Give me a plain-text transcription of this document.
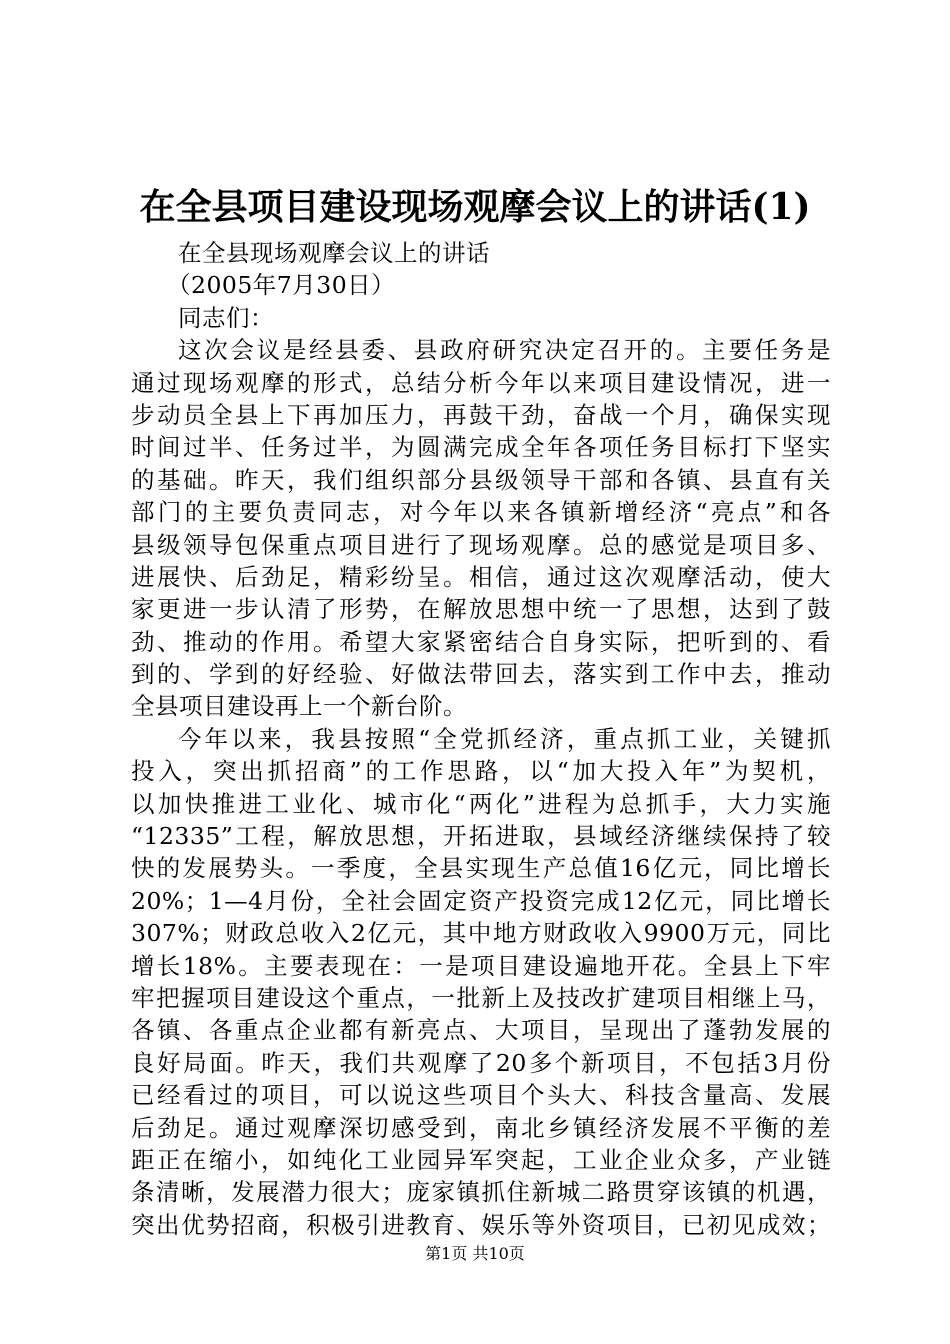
在全县项目建设现场观摩会议上的讲话(1)
在全县现场观摩会议上的讲话
（2005年7月30日）
同志们：
这次会议是经县委、县政府研究决定召开的。主要任务是
通过现场观摩的形式，总结分析今年以来项目建设情况，进一
步动员全县上下再加压力，再鼓干劲，奋战一个月，确保实现
时间过半、任务过半，为圆满完成全年各项任务目标打下坚实
的基础。昨天，我们组织部分县级领导干部和各镇、县直有关
部门的主要负责同志，对今年以来各镇新增经济“亮点”和各
县级领导包保重点项目进行了现场观摩。总的感觉是项目多、
进展快、后劲足，精彩纷呈。相信，通过这次观摩活动，使大
家更进一步认清了形势，在解放思想中统一了思想，达到了鼓
劲、推动的作用。希望大家紧密结合自身实际，把听到的、看
到的、学到的好经验、好做法带回去，落实到工作中去，推动
全县项目建设再上一个新台阶。
今年以来，我县按照“全党抓经济，重点抓工业，关键抓
投入，突出抓招商”的工作思路，以“加大投入年”为契机，
以加快推进工业化、城市化“两化”进程为总抓手，大力实施
“12335”工程，解放思想，开拓进取，县域经济继续保持了较
快的发展势头。一季度，全县实现生产总值16亿元，同比增长
20%；1—4月份，全社会固定资产投资完成12亿元，同比增长
307%；财政总收入2亿元，其中地方财政收入9900万元，同比
增长18%。主要表现在：一是项目建设遍地开花。全县上下牢
牢把握项目建设这个重点，一批新上及技改扩建项目相继上马，
各镇、各重点企业都有新亮点、大项目，呈现出了蓬勃发展的
良好局面。昨天，我们共观摩了20多个新项目，不包括3月份
已经看过的项目，可以说这些项目个头大、科技含量高、发展
后劲足。通过观摩深切感受到，南北乡镇经济发展不平衡的差
距正在缩小，如纯化工业园异军突起，工业企业众多，产业链
条清晰，发展潜力很大；庞家镇抓住新城二路贯穿该镇的机遇，
突出优势招商，积极引进教育、娱乐等外资项目，已初见成效；
第1页 共10页
